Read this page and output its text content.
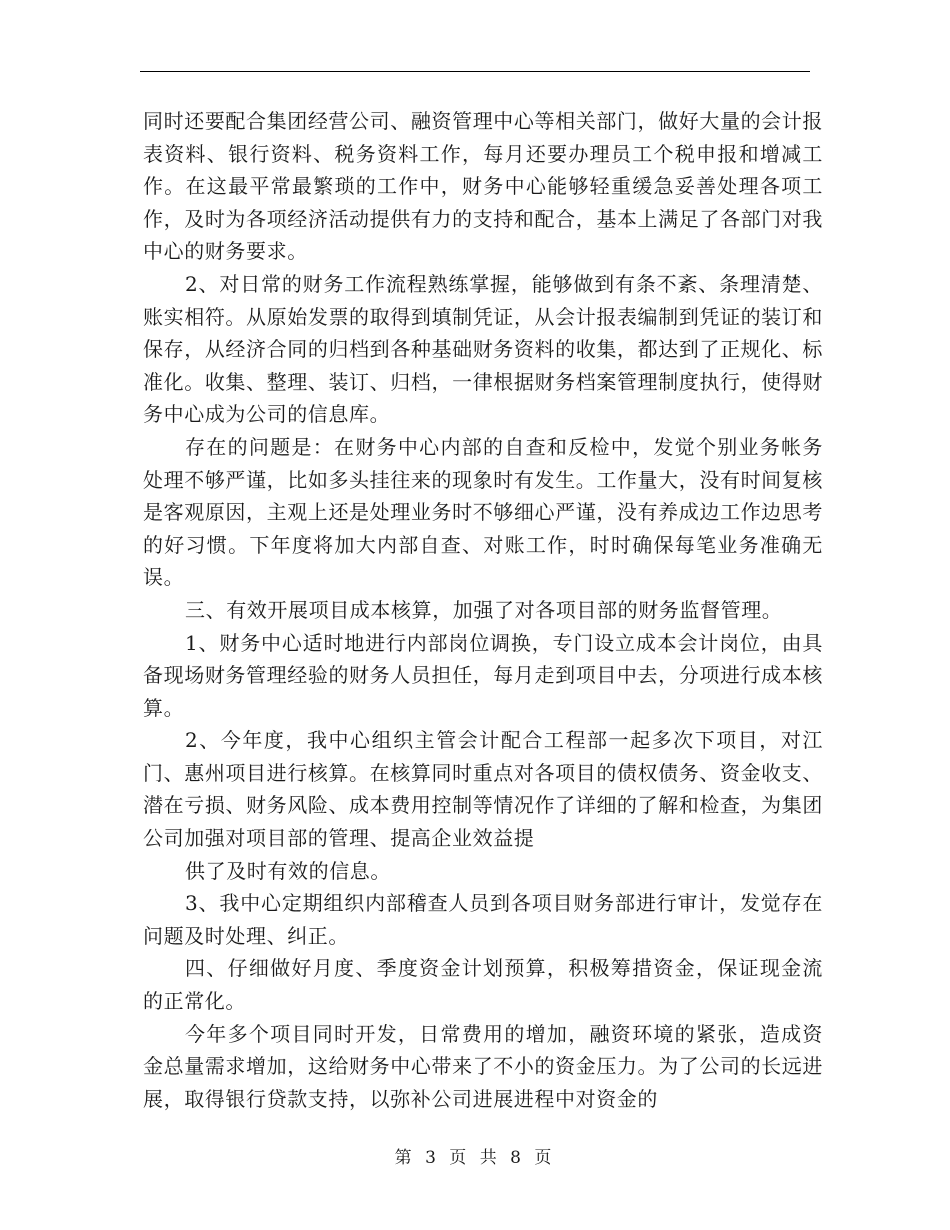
同时还要配合集团经营公司、融资管理中心等相关部门，做好大量的会计报表资料、银行资料、税务资料工作，每月还要办理员工个税申报和增减工作。在这最平常最繁琐的工作中，财务中心能够轻重缓急妥善处理各项工作，及时为各项经济活动提供有力的支持和配合，基本上满足了各部门对我中心的财务要求。

2、对日常的财务工作流程熟练掌握，能够做到有条不紊、条理清楚、账实相符。从原始发票的取得到填制凭证，从会计报表编制到凭证的装订和保存，从经济合同的归档到各种基础财务资料的收集，都达到了正规化、标准化。收集、整理、装订、归档，一律根据财务档案管理制度执行，使得财务中心成为公司的信息库。

存在的问题是：在财务中心内部的自查和反检中，发觉个别业务帐务处理不够严谨，比如多头挂往来的现象时有发生。工作量大，没有时间复核是客观原因，主观上还是处理业务时不够细心严谨，没有养成边工作边思考的好习惯。下年度将加大内部自查、对账工作，时时确保每笔业务准确无误。

三、有效开展项目成本核算，加强了对各项目部的财务监督管理。

1、财务中心适时地进行内部岗位调换，专门设立成本会计岗位，由具备现场财务管理经验的财务人员担任，每月走到项目中去，分项进行成本核算。

2、今年度，我中心组织主管会计配合工程部一起多次下项目，对江门、惠州项目进行核算。在核算同时重点对各项目的债权债务、资金收支、潜在亏损、财务风险、成本费用控制等情况作了详细的了解和检查，为集团公司加强对项目部的管理、提高企业效益提

供了及时有效的信息。

3、我中心定期组织内部稽查人员到各项目财务部进行审计，发觉存在问题及时处理、纠正。

四、仔细做好月度、季度资金计划预算，积极筹措资金，保证现金流的正常化。

今年多个项目同时开发，日常费用的增加，融资环境的紧张，造成资金总量需求增加，这给财务中心带来了不小的资金压力。为了公司的长远进展，取得银行贷款支持，以弥补公司进展进程中对资金的

第 3 页 共 8 页
